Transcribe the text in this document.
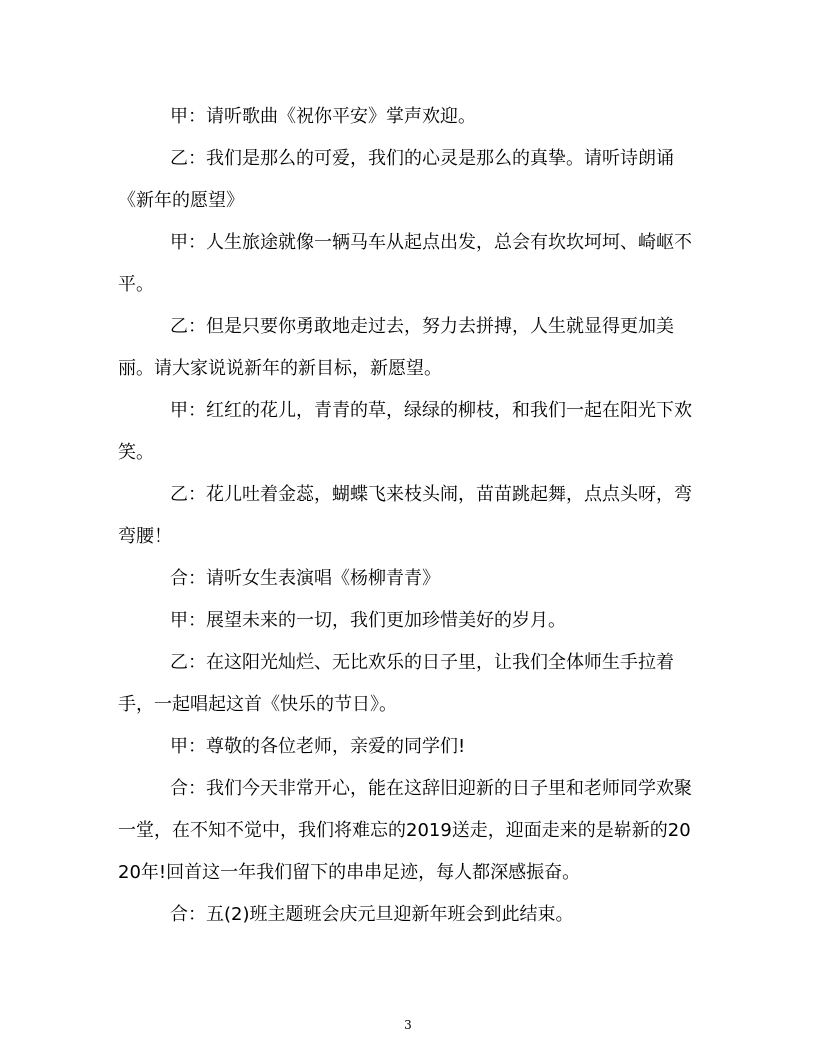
甲：请听歌曲《祝你平安》掌声欢迎。

乙：我们是那么的可爱，我们的心灵是那么的真挚。请听诗朗诵《新年的愿望》

甲：人生旅途就像一辆马车从起点出发，总会有坎坎坷坷、崎岖不平。

乙：但是只要你勇敢地走过去，努力去拼搏，人生就显得更加美丽。请大家说说新年的新目标，新愿望。

甲：红红的花儿，青青的草，绿绿的柳枝，和我们一起在阳光下欢笑。

乙：花儿吐着金蕊，蝴蝶飞来枝头闹，苗苗跳起舞，点点头呀，弯弯腰！

合：请听女生表演唱《杨柳青青》

甲：展望未来的一切，我们更加珍惜美好的岁月。

乙：在这阳光灿烂、无比欢乐的日子里，让我们全体师生手拉着手，一起唱起这首《快乐的节日》。

甲：尊敬的各位老师，亲爱的同学们!

合：我们今天非常开心，能在这辞旧迎新的日子里和老师同学欢聚一堂，在不知不觉中，我们将难忘的2019送走，迎面走来的是崭新的2020年!回首这一年我们留下的串串足迹，每人都深感振奋。

合：五(2)班主题班会庆元旦迎新年班会到此结束。

3
